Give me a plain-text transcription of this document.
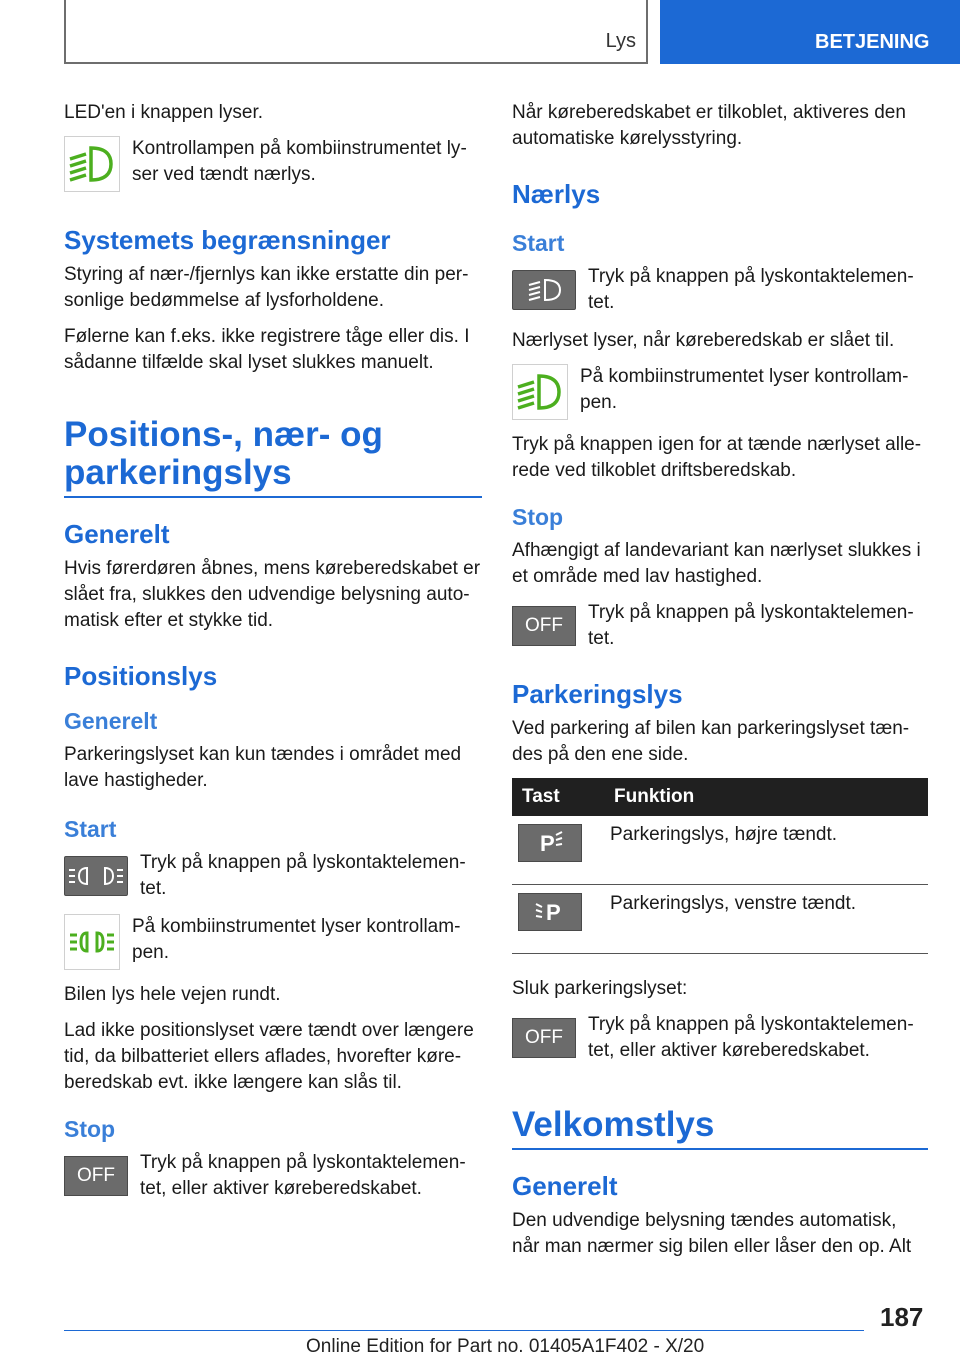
Lys	BETJENING

LED'en i knappen lyser.

Kontrollampen på kombiinstrumentet lyser ved tændt nærlys.
Systemets begrænsninger

Styring af nær-/fjernlys kan ikke erstatte din personlige bedømmelse af lysforholdene.

Følerne kan f.eks. ikke registrere tåge eller dis. I sådanne tilfælde skal lyset slukkes manuelt.

Positions-, nær- og
parkeringslys
Generelt

Hvis førerdøren åbnes, mens køreberedskabet er slået fra, slukkes den udvendige belysning automatisk efter et stykke tid.

Positionslys
Generelt

Parkeringslyset kan kun tændes i området med lave hastigheder.

Start
Tryk på knappen på lyskontaktelementet.
På kombiinstrumentet lyser kontrollampen.

Bilen lys hele vejen rundt.

Lad ikke positionslyset være tændt over længere tid, da bilbatteriet ellers aflades, hvorefter køreberedskab evt. ikke længere kan slås til.

Stop
OFF
Tryk på knappen på lyskontaktelementet, eller aktiver køreberedskabet.

Når køreberedskabet er tilkoblet, aktiveres den automatiske kørelysstyring.

Nærlys
Start
Tryk på knappen på lyskontaktelementet.

Nærlyset lyser, når køreberedskab er slået til.

På kombiinstrumentet lyser kontrollampen.

Tryk på knappen igen for at tænde nærlyset allerede ved tilkoblet driftsberedskab.

Stop

Afhængigt af landevariant kan nærlyset slukkes i et område med lav hastighed.

OFF
Tryk på knappen på lyskontaktelementet.
Parkeringslys

Ved parkering af bilen kan parkeringslyset tændes på den ene side.

Tast	Funktion

P	Parkeringslys, højre tændt.

P	Parkeringslys, venstre tændt.

Sluk parkeringslyset:

OFF
Tryk på knappen på lyskontaktelementet, eller aktiver køreberedskabet.
Velkomstlys
Generelt

Den udvendige belysning tændes automatisk, når man nærmer sig bilen eller låser den op. Alt

187
Online Edition for Part no. 01405A1F402 - X/20
